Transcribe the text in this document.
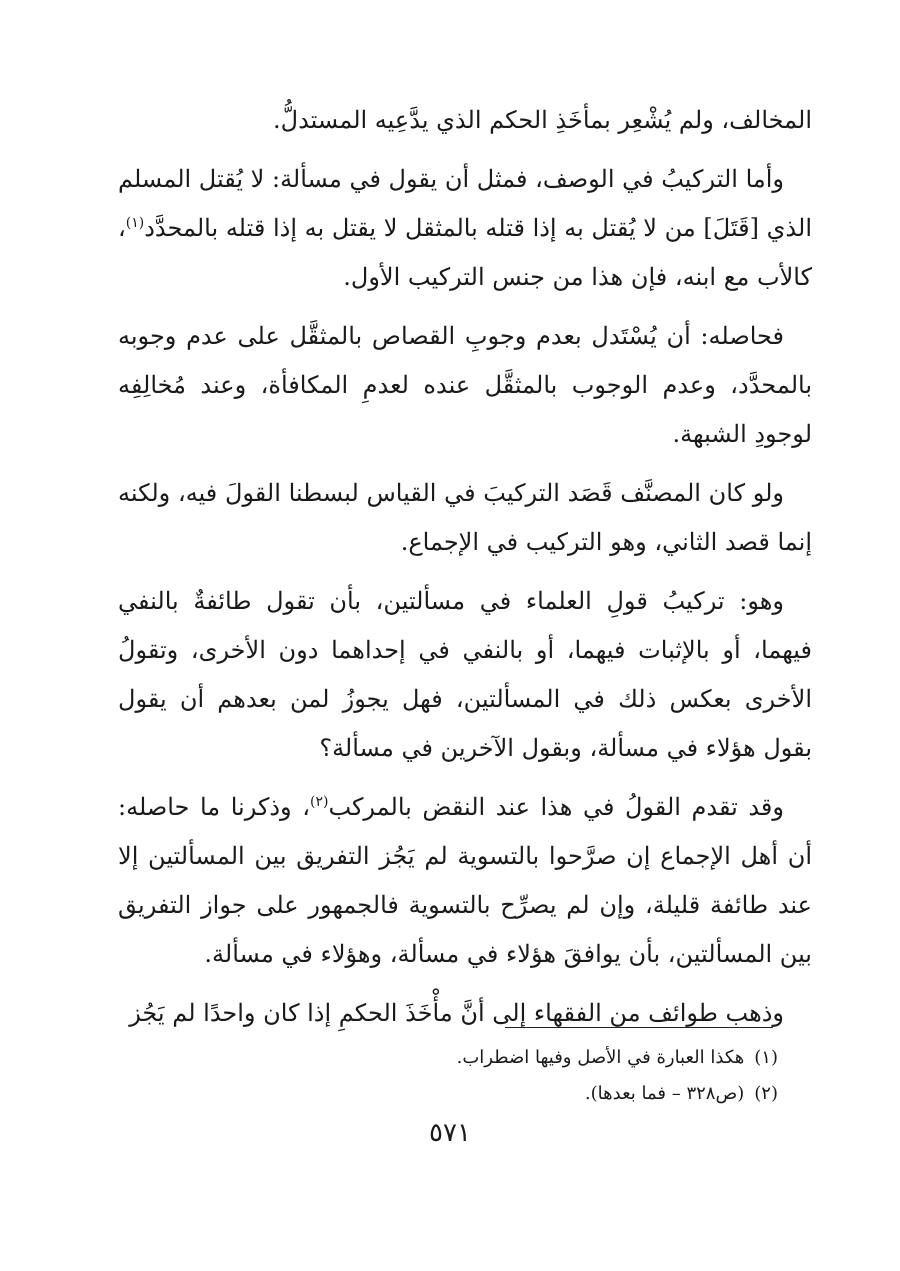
المخالف، ولم يُشْعِر بمأخَذِ الحكم الذي يدَّعِيه المستدلُّ.

وأما التركيبُ في الوصف، فمثل أن يقول في مسألة: لا يُقتل المسلم الذي [قَتَلَ] من لا يُقتل به إذا قتله بالمثقل لا يقتل به إذا قتله بالمحدَّد$^{(١)}$، كالأب مع ابنه، فإن هذا من جنس التركيب الأول.

فحاصله: أن يُسْتَدل بعدم وجوبِ القصاص بالمثقَّل على عدم وجوبه بالمحدَّد، وعدم الوجوب بالمثقَّل عنده لعدمِ المكافأة، وعند مُخالِفِه لوجودِ الشبهة.

ولو كان المصنَّف قَصَد التركيبَ في القياس لبسطنا القولَ فيه، ولكنه إنما قصد الثاني، وهو التركيب في الإجماع.

وهو: تركيبُ قولِ العلماء في مسألتين، بأن تقول طائفةٌ بالنفي فيهما، أو بالإثبات فيهما، أو بالنفي في إحداهما دون الأخرى، وتقولُ الأخرى بعكس ذلك في المسألتين، فهل يجوزُ لمن بعدهم أن يقول بقول هؤلاء في مسألة، وبقول الآخرين في مسألة؟

وقد تقدم القولُ في هذا عند النقض بالمركب$^{(٢)}$، وذكرنا ما حاصله: أن أهل الإجماع إن صرَّحوا بالتسوية لم يَجُز التفريق بين المسألتين إلا عند طائفة قليلة، وإن لم يصرِّح بالتسوية فالجمهور على جواز التفريق بين المسألتين، بأن يوافقَ هؤلاء في مسألة، وهؤلاء في مسألة.

وذهب طوائف من الفقهاء إلى أنَّ مأْخَذَ الحكمِ إذا كان واحدًا لم يَجُز

(١)هكذا العبارة في الأصل وفيها اضطراب.
(٢)(ص٣٢٨ – فما بعدها).
٥٧١
